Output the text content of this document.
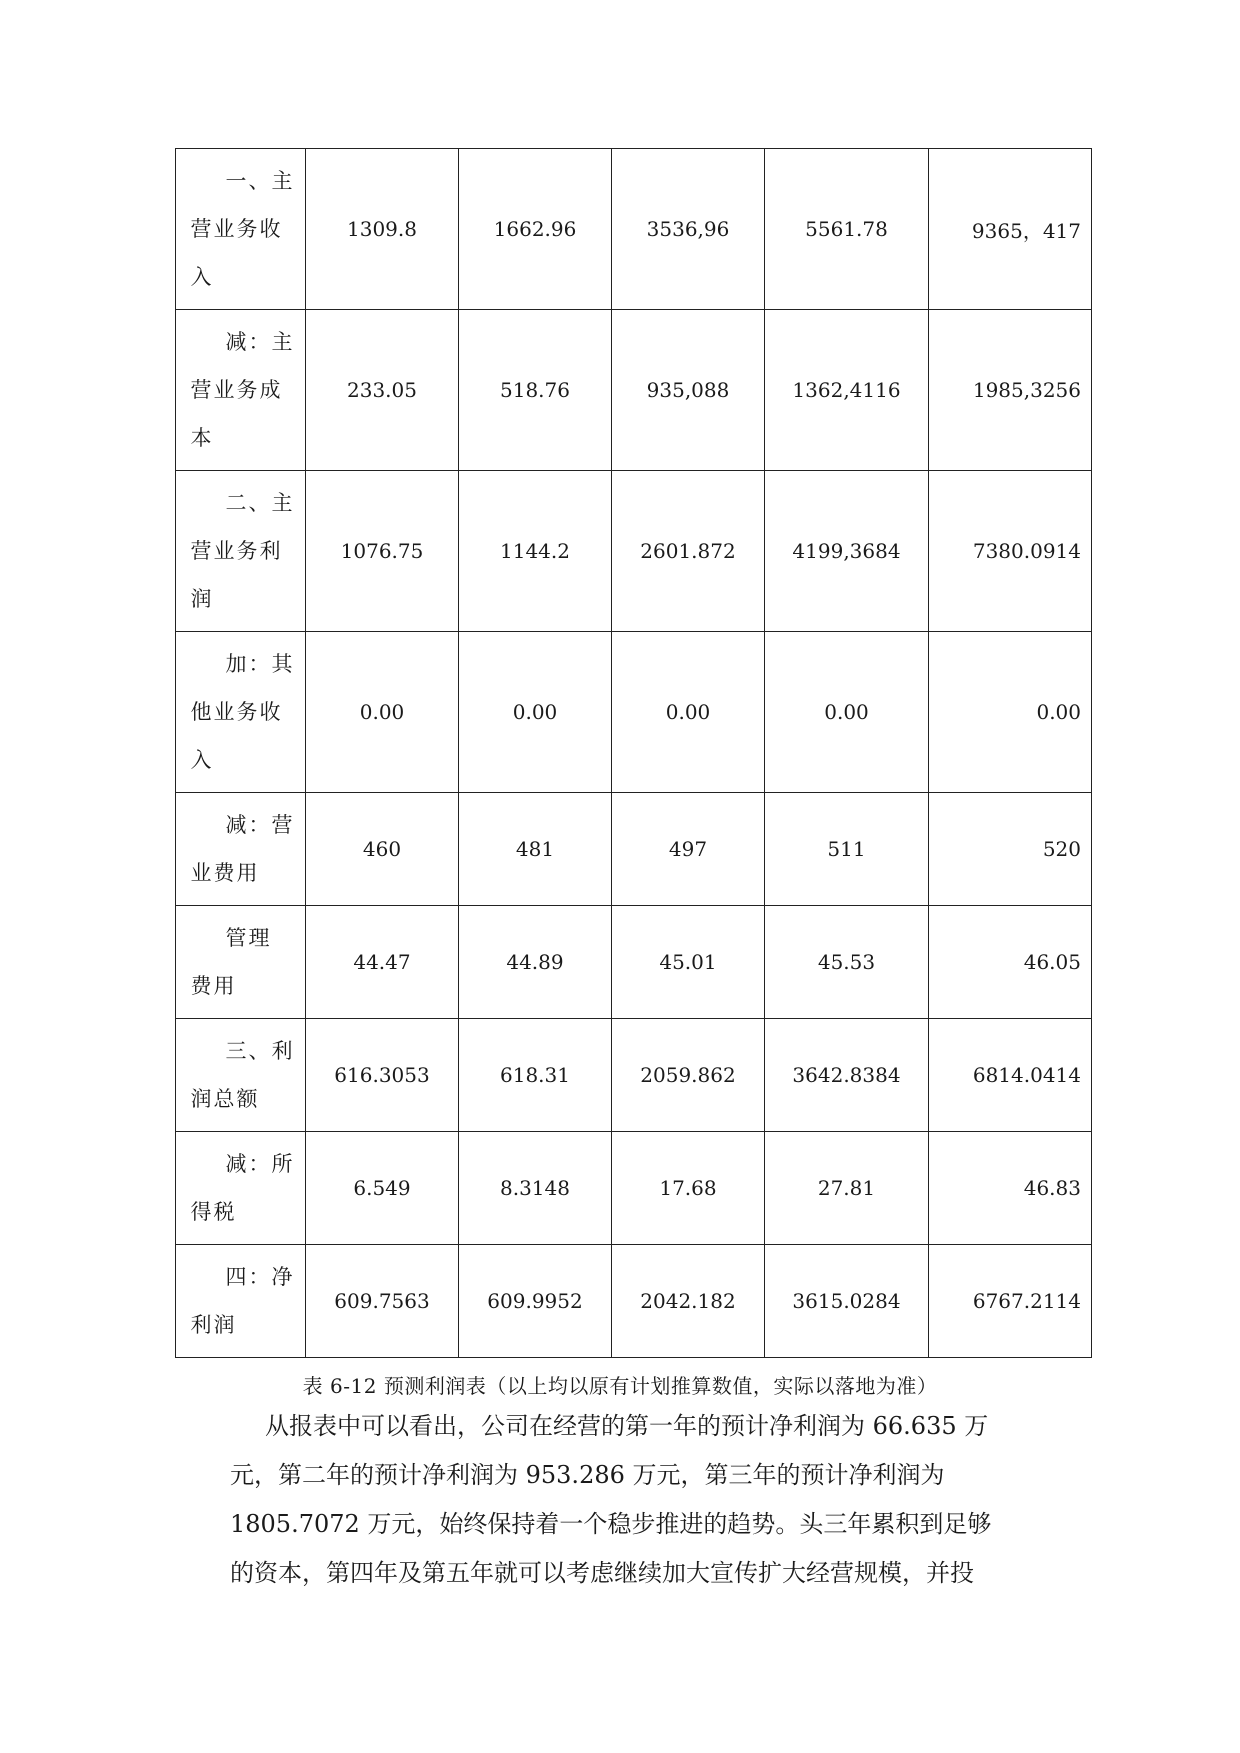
一、主
营业务收
入	1309.8	1662.96	3536,96	5561.78	9365，417

减：主
营业务成
本	233.05	518.76	935,088	1362,4116	1985,3256

二、主
营业务利
润	1076.75	1144.2	2601.872	4199,3684	7380.0914

加：其
他业务收
入	0.00	0.00	0.00	0.00	0.00

减：营
业费用	460	481	497	511	520

管理
费用	44.47	44.89	45.01	45.53	46.05

三、利
润总额	616.3053	618.31	2059.862	3642.8384	6814.0414

减：所
得税	6.549	8.3148	17.68	27.81	46.83

四：净
利润	609.7563	609.9952	2042.182	3615.0284	6767.2114
表 6-12 预测利润表（以上均以原有计划推算数值，实际以落地为准）
从报表中可以看出，公司在经营的第一年的预计净利润为 66.635 万
元，第二年的预计净利润为 953.286 万元，第三年的预计净利润为
1805.7072 万元，始终保持着一个稳步推进的趋势。头三年累积到足够
的资本，第四年及第五年就可以考虑继续加大宣传扩大经营规模，并投
